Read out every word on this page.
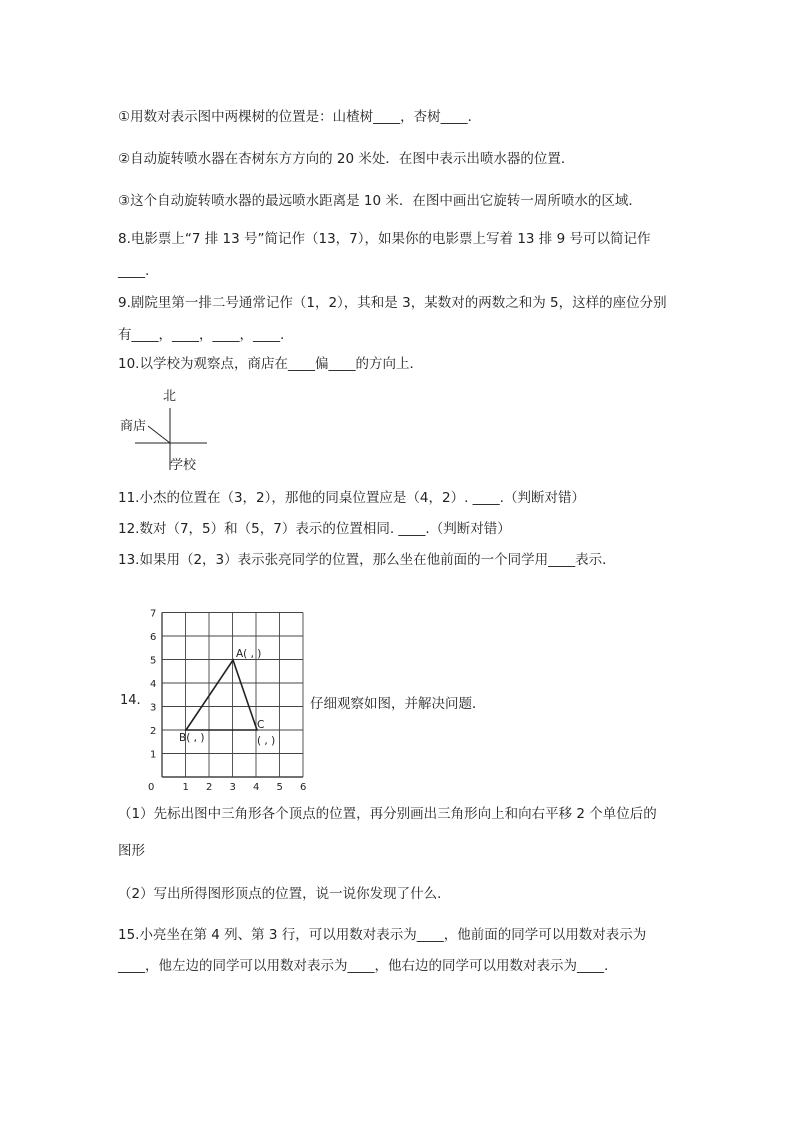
①用数对表示图中两棵树的位置是：山楂树____，杏树____．
②自动旋转喷水器在杏树东方方向的 20 米处．在图中表示出喷水器的位置．
③这个自动旋转喷水器的最远喷水距离是 10 米．在图中画出它旋转一周所喷水的区域．
8.电影票上“7 排 13 号”简记作（13，7），如果你的电影票上写着 13 排 9 号可以简记作
____.
9.剧院里第一排二号通常记作（1，2），其和是 3，某数对的两数之和为 5，这样的座位分别
有____，____，____，____.
10.以学校为观察点，商店在____偏____的方向上．
北
商店
学校
11.小杰的位置在（3，2），那他的同桌位置应是（4，2）. ____.（判断对错）
12.数对（7，5）和（5，7）表示的位置相同. ____.（判断对错）
13.如果用（2，3）表示张亮同学的位置，那么坐在他前面的一个同学用____表示．
14.	仔细观察如图，并解决问题．
0	1 2 3 4 5 6
1
2
3
4
5
6
7
A( , )
B( , )
C
( , )
（1）先标出图中三角形各个顶点的位置，再分别画出三角形向上和向右平移 2 个单位后的
图形
（2）写出所得图形顶点的位置，说一说你发现了什么．
15.小亮坐在第 4 列、第 3 行，可以用数对表示为____，他前面的同学可以用数对表示为
____，他左边的同学可以用数对表示为____，他右边的同学可以用数对表示为____.
